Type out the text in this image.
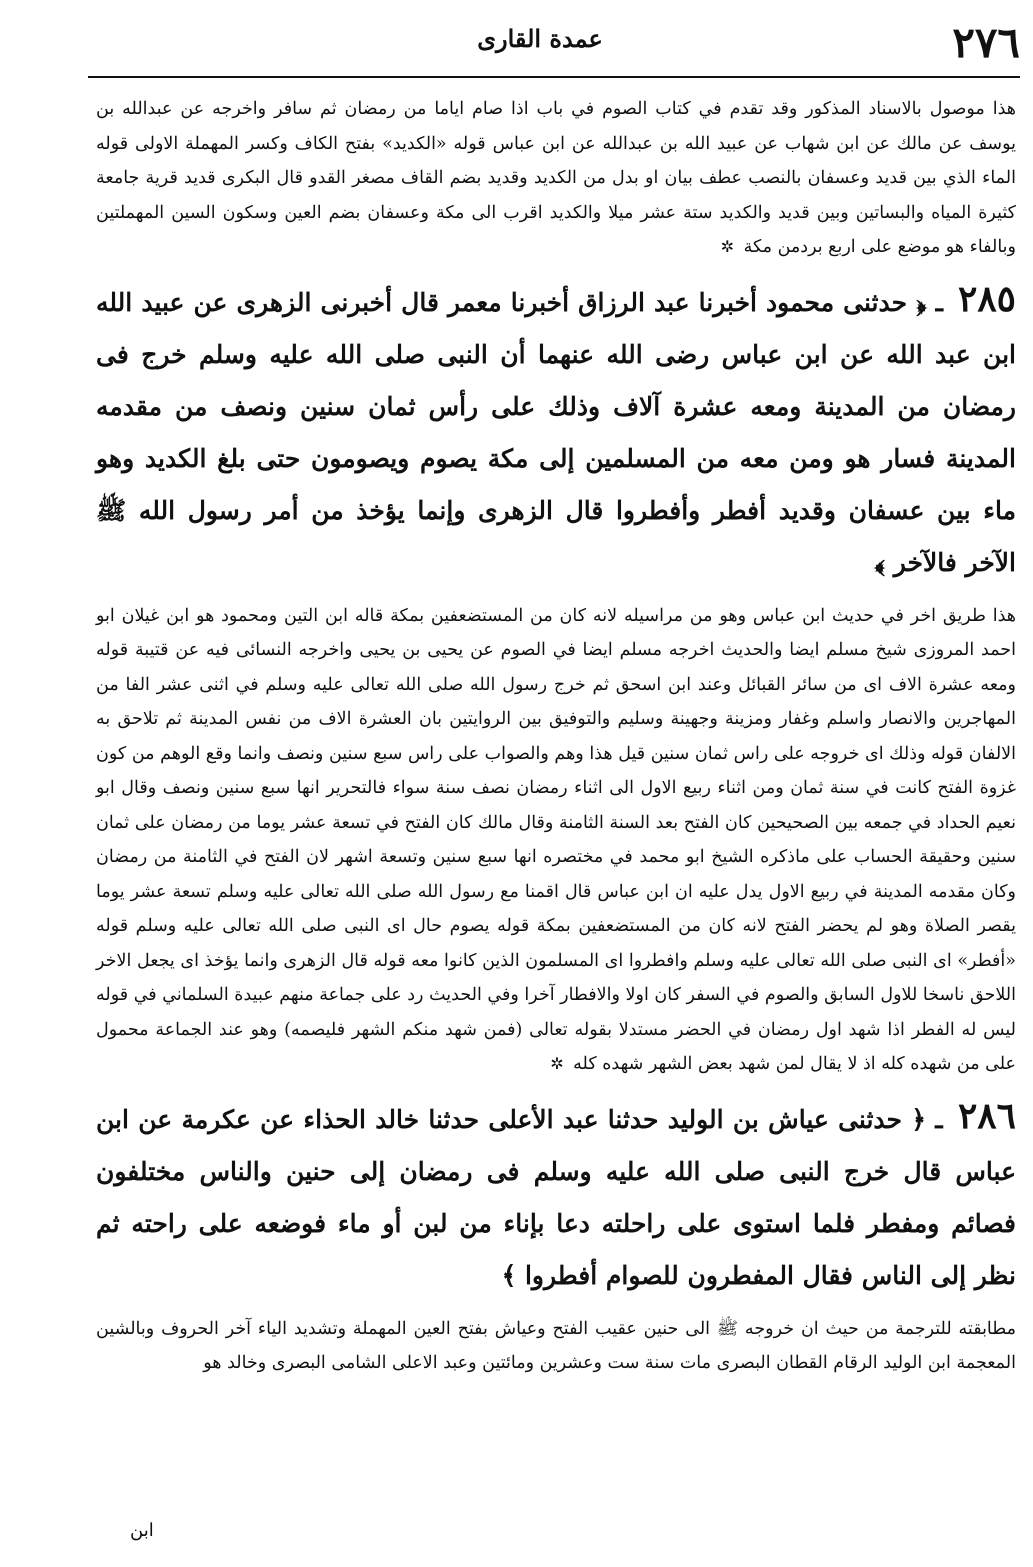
عمدة القارى	٢٧٦

هذا موصول بالاسناد المذكور وقد تقدم في كتاب الصوم في باب اذا صام اياما من رمضان ثم سافر واخرجه عن عبدالله بن يوسف عن مالك عن ابن شهاب عن عبيد الله بن عبدالله عن ابن عباس قوله «الكديد» بفتح الكاف وكسر المهملة الاولى قوله الماء الذي بين قديد وعسفان بالنصب عطف بيان او بدل من الكديد وقديد بضم القاف مصغر القدو قال البكرى قديد قرية جامعة كثيرة المياه والبساتين وبين قديد والكديد ستة عشر ميلا والكديد اقرب الى مكة وعسفان بضم العين وسكون السين المهملتين وبالفاء هو موضع على اربع بردمن مكة ✲

٢٨٥ ـ ﴿ حدثنى محمود أخبرنا عبد الرزاق أخبرنا معمر قال أخبرنى الزهرى عن عبيد الله ابن عبد الله عن ابن عباس رضى الله عنهما أن النبى صلى الله عليه وسلم خرج فى رمضان من المدينة ومعه عشرة آلاف وذلك على رأس ثمان سنين ونصف من مقدمه المدينة فسار هو ومن معه من المسلمين إلى مكة يصوم ويصومون حتى بلغ الكديد وهو ماء بين عسفان وقديد أفطر وأفطروا قال الزهرى وإنما يؤخذ من أمر رسول الله ﷺ الآخر فالآخر ﴾

هذا طريق اخر في حديث ابن عباس وهو من مراسيله لانه كان من المستضعفين بمكة قاله ابن التين ومحمود هو ابن غيلان ابو احمد المروزى شيخ مسلم ايضا والحديث اخرجه مسلم ايضا في الصوم عن يحيى بن يحيى واخرجه النسائى فيه عن قتيبة قوله ومعه عشرة الاف اى من سائر القبائل وعند ابن اسحق ثم خرج رسول الله صلى الله تعالى عليه وسلم في اثنى عشر الفا من المهاجرين والانصار واسلم وغفار ومزينة وجهينة وسليم والتوفيق بين الروايتين بان العشرة الاف من نفس المدينة ثم تلاحق به الالفان قوله وذلك اى خروجه على راس ثمان سنين قيل هذا وهم والصواب على راس سبع سنين ونصف وانما وقع الوهم من كون غزوة الفتح كانت في سنة ثمان ومن اثناء ربيع الاول الى اثناء رمضان نصف سنة سواء فالتحرير انها سبع سنين ونصف وقال ابو نعيم الحداد في جمعه بين الصحيحين كان الفتح بعد السنة الثامنة وقال مالك كان الفتح في تسعة عشر يوما من رمضان على ثمان سنين وحقيقة الحساب على ماذكره الشيخ ابو محمد في مختصره انها سبع سنين وتسعة اشهر لان الفتح في الثامنة من رمضان وكان مقدمه المدينة في ربيع الاول يدل عليه ان ابن عباس قال اقمنا مع رسول الله صلى الله تعالى عليه وسلم تسعة عشر يوما يقصر الصلاة وهو لم يحضر الفتح لانه كان من المستضعفين بمكة قوله يصوم حال اى النبى صلى الله تعالى عليه وسلم قوله «أفطر» اى النبى صلى الله تعالى عليه وسلم وافطروا اى المسلمون الذين كانوا معه قوله قال الزهرى وانما يؤخذ اى يجعل الاخر اللاحق ناسخا للاول السابق والصوم في السفر كان اولا والافطار آخرا وفي الحديث رد على جماعة منهم عبيدة السلماني في قوله ليس له الفطر اذا شهد اول رمضان في الحضر مستدلا بقوله تعالى (فمن شهد منكم الشهر فليصمه) وهو عند الجماعة محمول على من شهده كله اذ لا يقال لمن شهد بعض الشهر شهده كله ✲

٢٨٦ ـ ﴿ حدثنى عياش بن الوليد حدثنا عبد الأعلى حدثنا خالد الحذاء عن عكرمة عن ابن عباس قال خرج النبى صلى الله عليه وسلم فى رمضان إلى حنين والناس مختلفون فصائم ومفطر فلما استوى على راحلته دعا بإناء من لبن أو ماء فوضعه على راحته ثم نظر إلى الناس فقال المفطرون للصوام أفطروا ﴾

مطابقته للترجمة من حيث ان خروجه ﷺ الى حنين عقيب الفتح وعياش بفتح العين المهملة وتشديد الياء آخر الحروف وبالشين المعجمة ابن الوليد الرقام القطان البصرى مات سنة ست وعشرين ومائتين وعبد الاعلى الشامى البصرى وخالد هو

ابن
